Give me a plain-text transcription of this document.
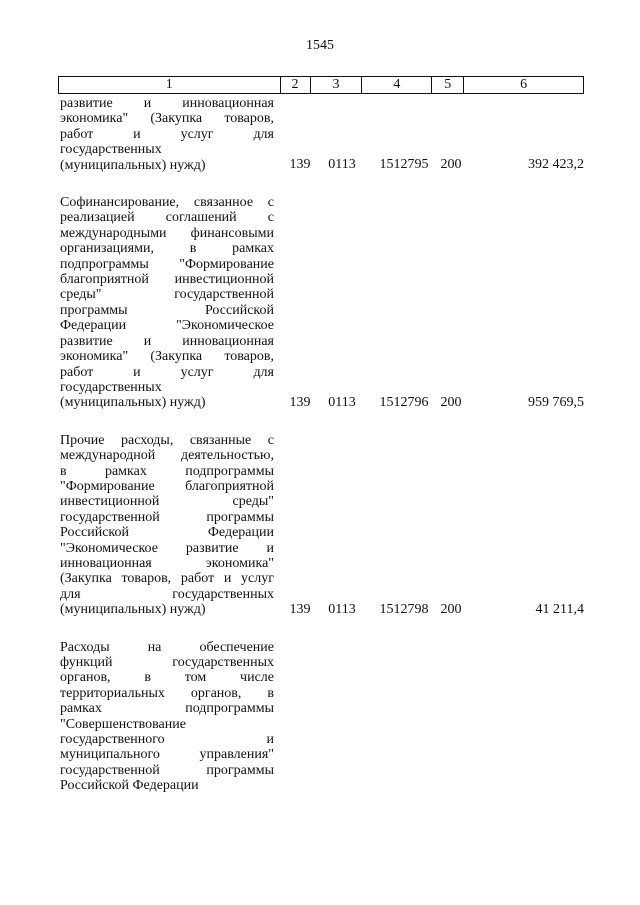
1545
1	2	3	4	5	6
развитие и инновационная
экономика" (Закупка товаров,
работ и услуг для
государственных
(муниципальных) нужд)	139	0113	1512795 200	392 423,2
Софинансирование, связанное с
реализацией соглашений с
международными финансовыми
организациями, в рамках
подпрограммы "Формирование
благоприятной инвестиционной
среды" государственной
программы Российской
Федерации "Экономическое
развитие и инновационная
экономика" (Закупка товаров,
работ и услуг для
государственных
(муниципальных) нужд)	139	0113	1512796 200	959 769,5
Прочие расходы, связанные с
международной деятельностью,
в рамках подпрограммы
"Формирование благоприятной
инвестиционной среды"
государственной программы
Российской Федерации
"Экономическое развитие и
инновационная экономика"
(Закупка товаров, работ и услуг
для государственных
(муниципальных) нужд)	139	0113	1512798 200	41 211,4
Расходы на обеспечение
функций государственных
органов, в том числе
территориальных органов, в
рамках подпрограммы
"Совершенствование
государственного и
муниципального управления"
государственной программы
Российской Федерации
